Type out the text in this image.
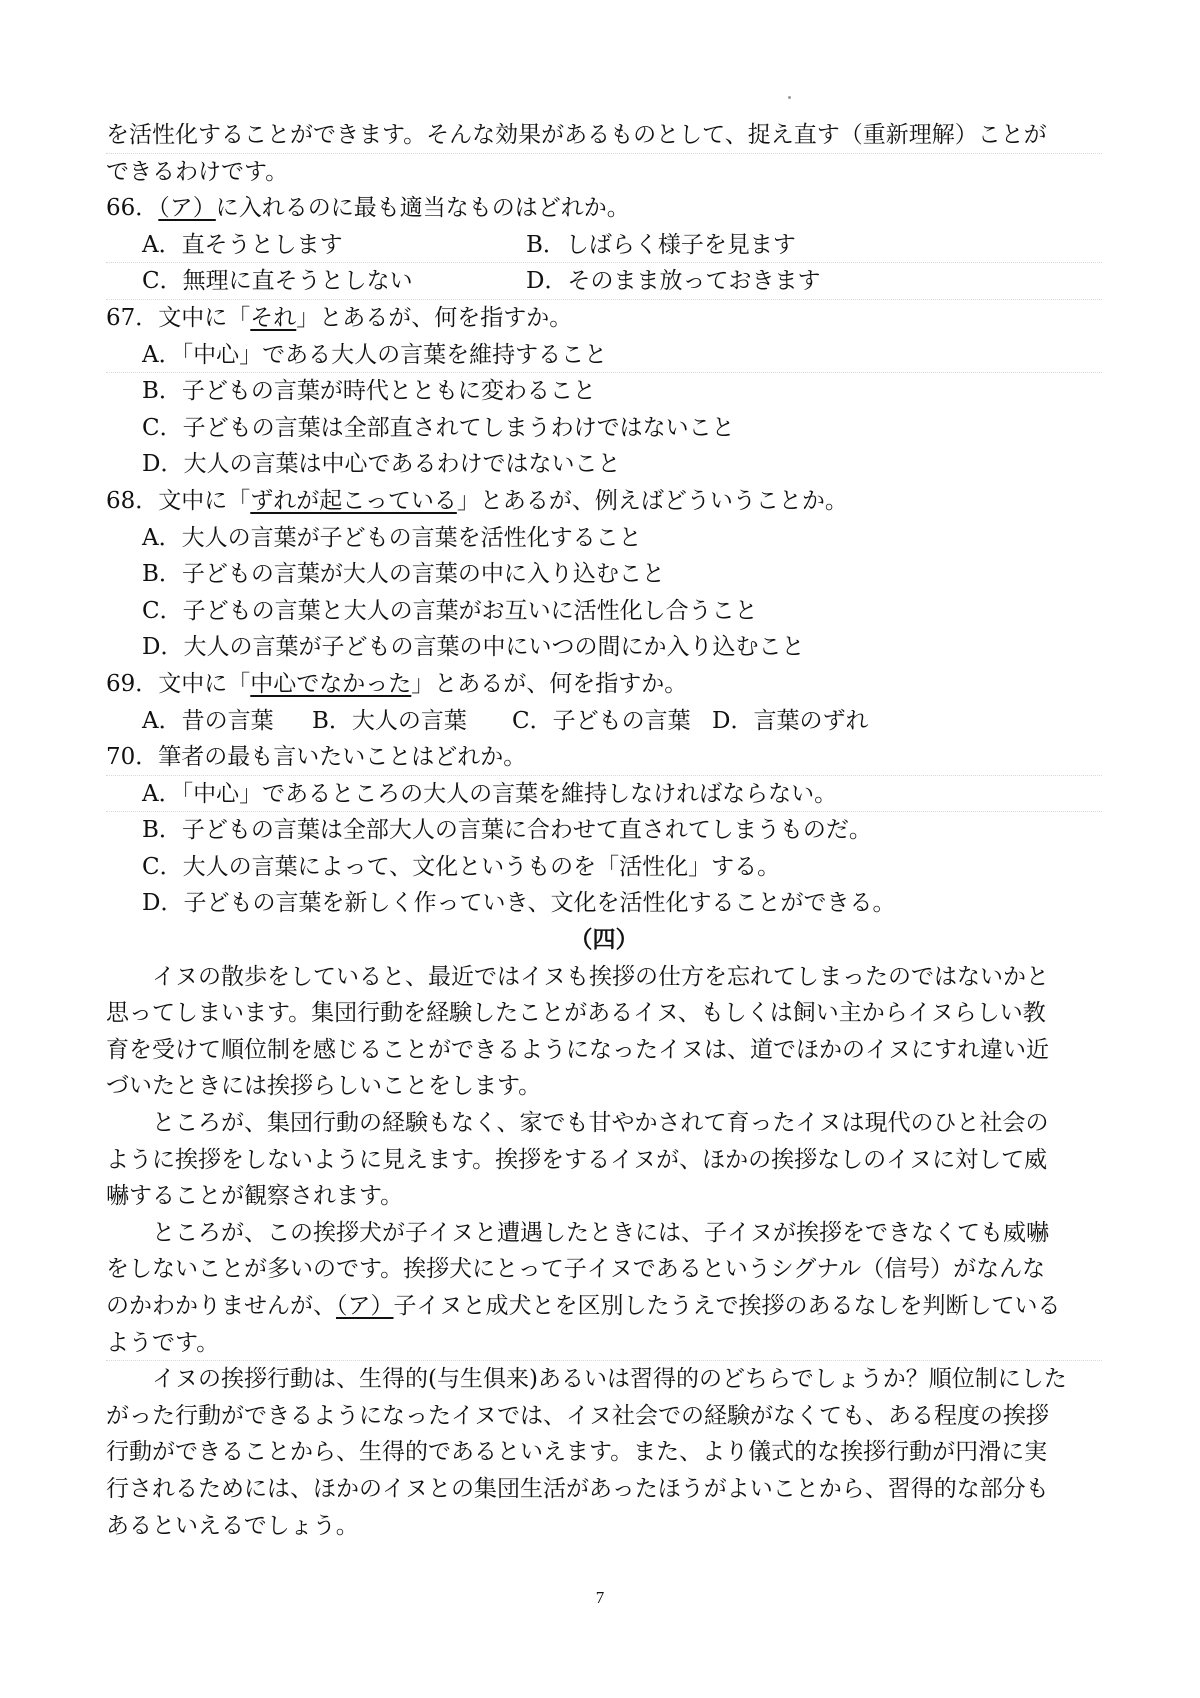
を活性化することができます。そんな効果があるものとして、捉え直す（重新理解）ことが
できるわけです。
66．（ア）に入れるのに最も適当なものはどれか。
A．直そうとします	B．しばらく様子を見ます
C．無理に直そうとしない	D．そのまま放っておきます
67．文中に「それ」とあるが、何を指すか。
A．「中心」である大人の言葉を維持すること
B．子どもの言葉が時代とともに変わること
C．子どもの言葉は全部直されてしまうわけではないこと
D．大人の言葉は中心であるわけではないこと
68．文中に「ずれが起こっている」とあるが、例えばどういうことか。
A．大人の言葉が子どもの言葉を活性化すること
B．子どもの言葉が大人の言葉の中に入り込むこと
C．子どもの言葉と大人の言葉がお互いに活性化し合うこと
D．大人の言葉が子どもの言葉の中にいつの間にか入り込むこと
69．文中に「中心でなかった」とあるが、何を指すか。
A．昔の言葉 B．大人の言葉 C．子どもの言葉 D．言葉のずれ
70．筆者の最も言いたいことはどれか。
A．「中心」であるところの大人の言葉を維持しなければならない。
B．子どもの言葉は全部大人の言葉に合わせて直されてしまうものだ。
C．大人の言葉によって、文化というものを「活性化」する。
D．子どもの言葉を新しく作っていき、文化を活性化することができる。
（四）
イヌの散歩をしていると、最近ではイヌも挨拶の仕方を忘れてしまったのではないかと
思ってしまいます。集団行動を経験したことがあるイヌ、もしくは飼い主からイヌらしい教
育を受けて順位制を感じることができるようになったイヌは、道でほかのイヌにすれ違い近
づいたときには挨拶らしいことをします。
ところが、集団行動の経験もなく、家でも甘やかされて育ったイヌは現代のひと社会の
ように挨拶をしないように見えます。挨拶をするイヌが、ほかの挨拶なしのイヌに対して威
嚇することが観察されます。
ところが、この挨拶犬が子イヌと遭遇したときには、子イヌが挨拶をできなくても威嚇
をしないことが多いのです。挨拶犬にとって子イヌであるというシグナル（信号）がなんな
のかわかりませんが、（ア）子イヌと成犬とを区別したうえで挨拶のあるなしを判断している
ようです。
イヌの挨拶行動は、生得的(与生俱来)あるいは習得的のどちらでしょうか？順位制にした
がった行動ができるようになったイヌでは、イヌ社会での経験がなくても、ある程度の挨拶
行動ができることから、生得的であるといえます。また、より儀式的な挨拶行動が円滑に実
行されるためには、ほかのイヌとの集団生活があったほうがよいことから、習得的な部分も
あるといえるでしょう。
7
